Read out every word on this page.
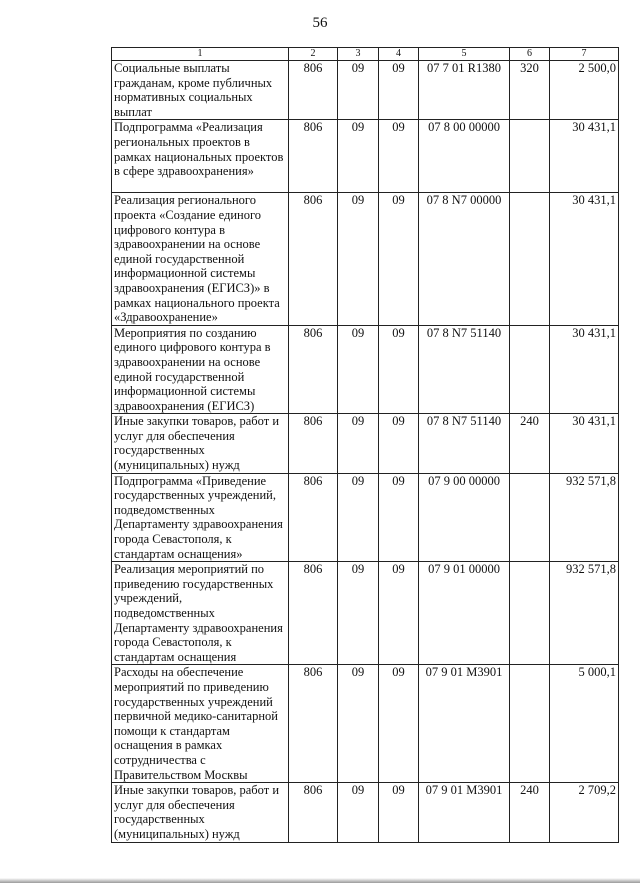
56
1	2	3	4	5	6	7
Социальные выплаты гражданам, кроме публичных нормативных социальных выплат	806	09	09	07 7 01 R1380	320	2 500,0
Подпрограмма «Реализация региональных проектов в рамках национальных проектов в сфере здравоохранения»	806	09	09	07 8 00 00000		30 431,1
Реализация регионального проекта «Создание единого цифрового контура в здравоохранении на основе единой государственной информационной системы здравоохранения (ЕГИСЗ)» в рамках национального проекта «Здравоохранение»	806	09	09	07 8 N7 00000		30 431,1
Мероприятия по созданию единого цифрового контура в здравоохранении на основе единой государственной информационной системы здравоохранения (ЕГИСЗ)	806	09	09	07 8 N7 51140		30 431,1
Иные закупки товаров, работ и услуг для обеспечения государственных (муниципальных) нужд	806	09	09	07 8 N7 51140	240	30 431,1
Подпрограмма «Приведение государственных учреждений, подведомственных Департаменту здравоохранения города Севастополя, к стандартам оснащения»	806	09	09	07 9 00 00000		932 571,8
Реализация мероприятий по приведению государственных учреждений, подведомственных Департаменту здравоохранения города Севастополя, к стандартам оснащения	806	09	09	07 9 01 00000		932 571,8
Расходы на обеспечение мероприятий по приведению государственных учреждений первичной медико-санитарной помощи к стандартам оснащения в рамках сотрудничества с Правительством Москвы	806	09	09	07 9 01 M3901		5 000,1
Иные закупки товаров, работ и услуг для обеспечения государственных (муниципальных) нужд	806	09	09	07 9 01 M3901	240	2 709,2
